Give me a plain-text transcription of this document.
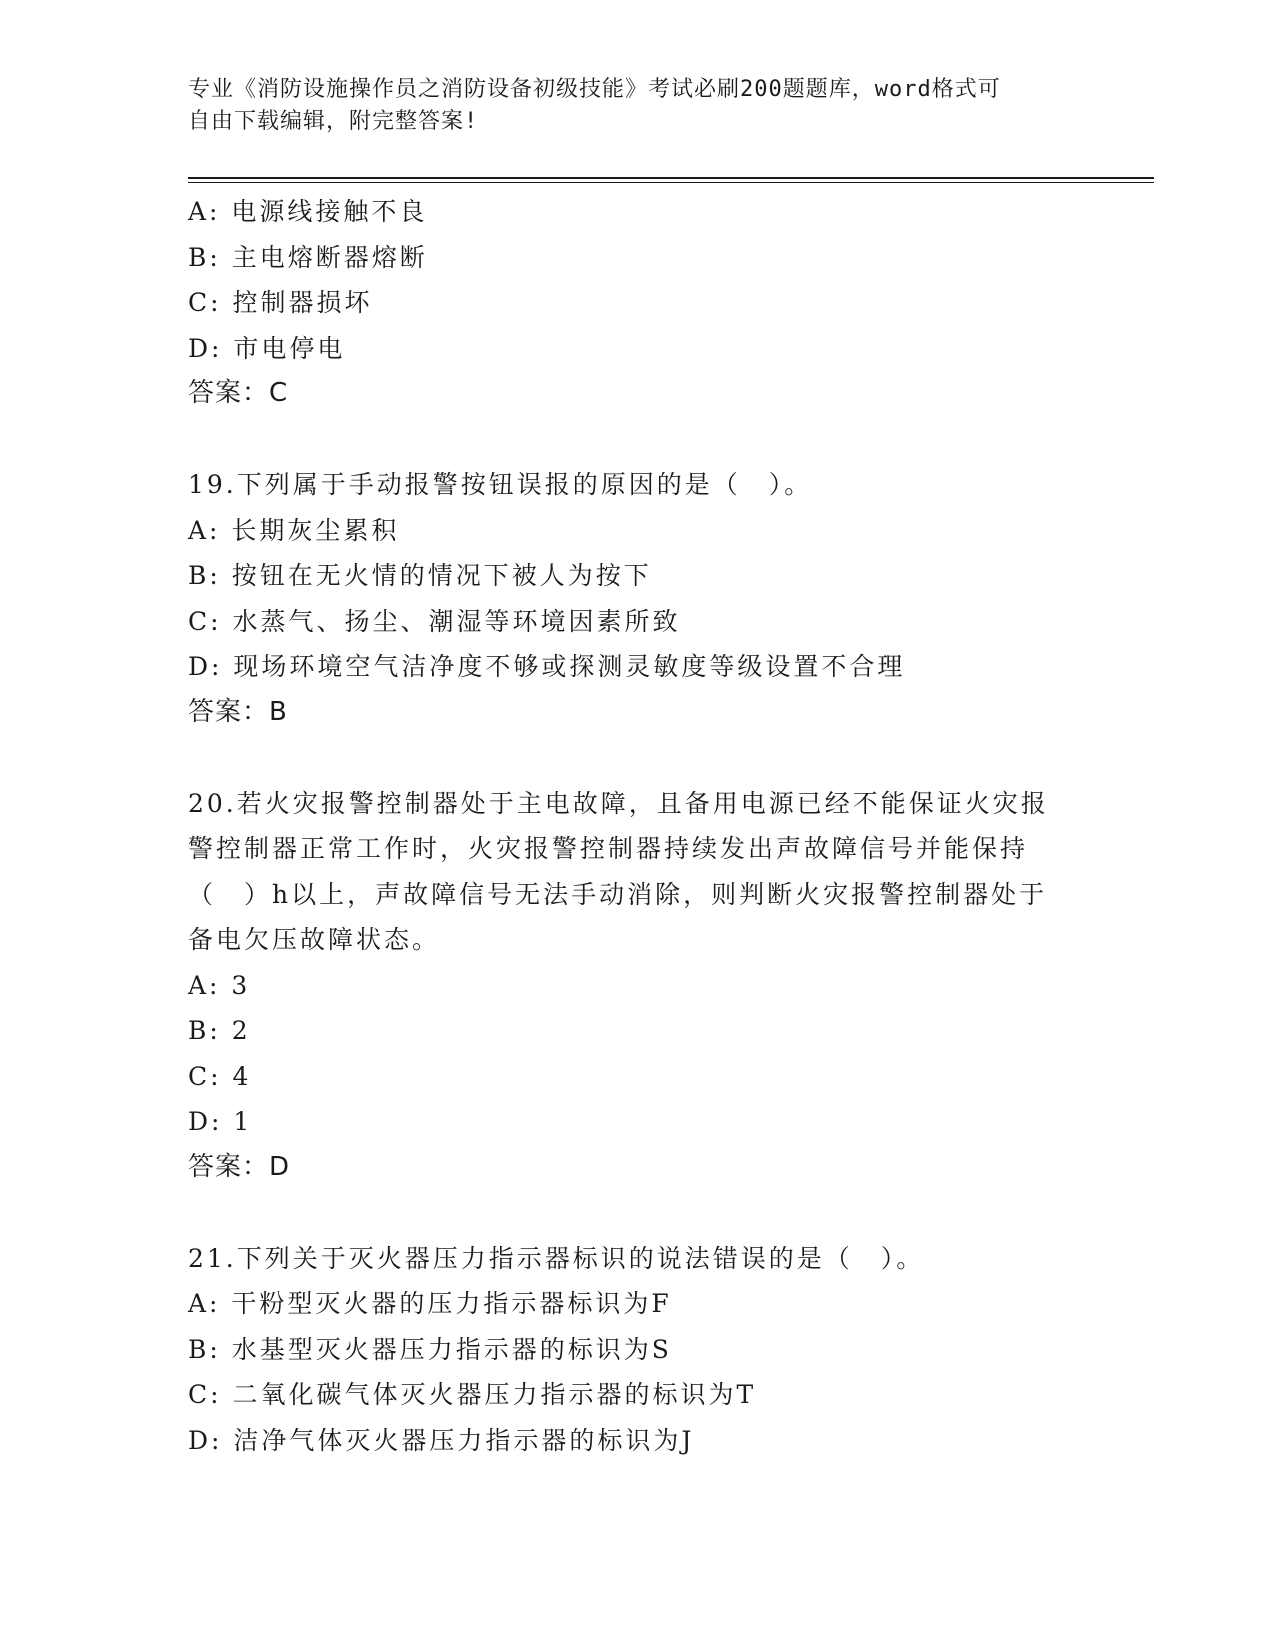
专业《消防设施操作员之消防设备初级技能》考试必刷200题题库，word格式可
自由下载编辑，附完整答案!
A: 电源线接触不良
B: 主电熔断器熔断
C: 控制器损坏
D: 市电停电
答案：C
19.下列属于手动报警按钮误报的原因的是（　）。
A: 长期灰尘累积
B: 按钮在无火情的情况下被人为按下
C: 水蒸气、扬尘、潮湿等环境因素所致
D: 现场环境空气洁净度不够或探测灵敏度等级设置不合理
答案：B
20.若火灾报警控制器处于主电故障，且备用电源已经不能保证火灾报
警控制器正常工作时，火灾报警控制器持续发出声故障信号并能保持
（　）h以上，声故障信号无法手动消除，则判断火灾报警控制器处于
备电欠压故障状态。
A: 3
B: 2
C: 4
D: 1
答案：D
21.下列关于灭火器压力指示器标识的说法错误的是（　）。
A: 干粉型灭火器的压力指示器标识为F
B: 水基型灭火器压力指示器的标识为S
C: 二氧化碳气体灭火器压力指示器的标识为T
D: 洁净气体灭火器压力指示器的标识为J
